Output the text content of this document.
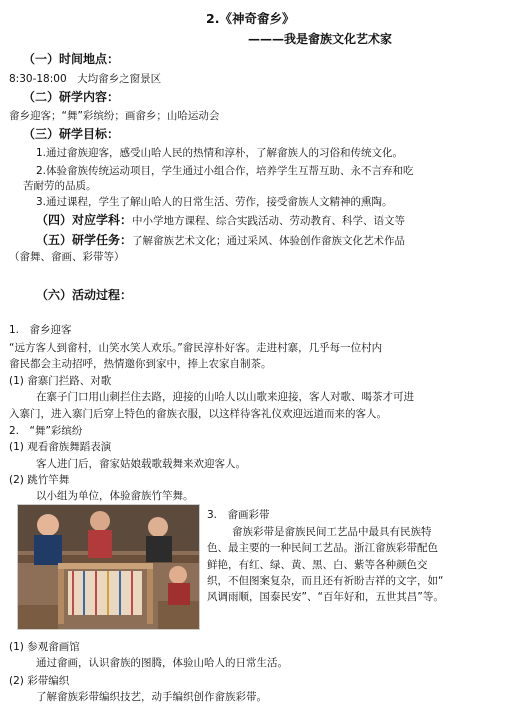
2.《神奇畲乡》
———我是畲族文化艺术家
（一）时间地点：
8:30-18:00　大均畲乡之窗景区
（二）研学内容：
畲乡迎客；“舞”彩缤纷；画畲乡；山哈运动会
（三）研学目标：
1.通过畲族迎客，感受山哈人民的热情和淳朴，了解畲族人的习俗和传统文化。
2.体验畲族传统运动项目，学生通过小组合作，培养学生互帮互助、永不言弃和吃
苦耐劳的品质。
3.通过课程，学生了解山哈人的日常生活、劳作，接受畲族人文精神的熏陶。
（四）对应学科：中小学地方课程、综合实践活动、劳动教育、科学、语文等
（五）研学任务：了解畲族艺术文化；通过采风、体验创作畲族文化艺术作品
（畲舞、畲画、彩带等）
（六）活动过程：
1.　畲乡迎客
“远方客人到畲村，山笑水笑人欢乐。”畲民淳朴好客。走进村寨，几乎每一位村内
畲民都会主动招呼，热情邀你到家中，捧上农家自制茶。
(1) 畲寨门拦路、对歌
在寨子门口用山刺拦住去路，迎接的山哈人以山歌来迎接，客人对歌、喝茶才可进
入寨门，进入寨门后穿上特色的畲族衣服，以这样待客礼仪欢迎远道而来的客人。
2.　“舞”彩缤纷
(1) 观看畲族舞蹈表演
客人进门后，畲家姑娘载歌载舞来欢迎客人。
(2) 跳竹竿舞
以小组为单位，体验畲族竹竿舞。
3.　畲画彩带
畲族彩带是畲族民间工艺品中最具有民族特
色、最主要的一种民间工艺品。浙江畲族彩带配色
鲜艳，有红、绿、黄、黑、白、紫等各种颜色交
织，不但图案复杂，而且还有祈盼吉祥的文字，如“
风调雨顺，国泰民安”、“百年好和，五世其昌”等。
(1) 参观畲画馆
通过畲画，认识畲族的图腾，体验山哈人的日常生活。
(2) 彩带编织
了解畲族彩带编织技艺，动手编织创作畲族彩带。
